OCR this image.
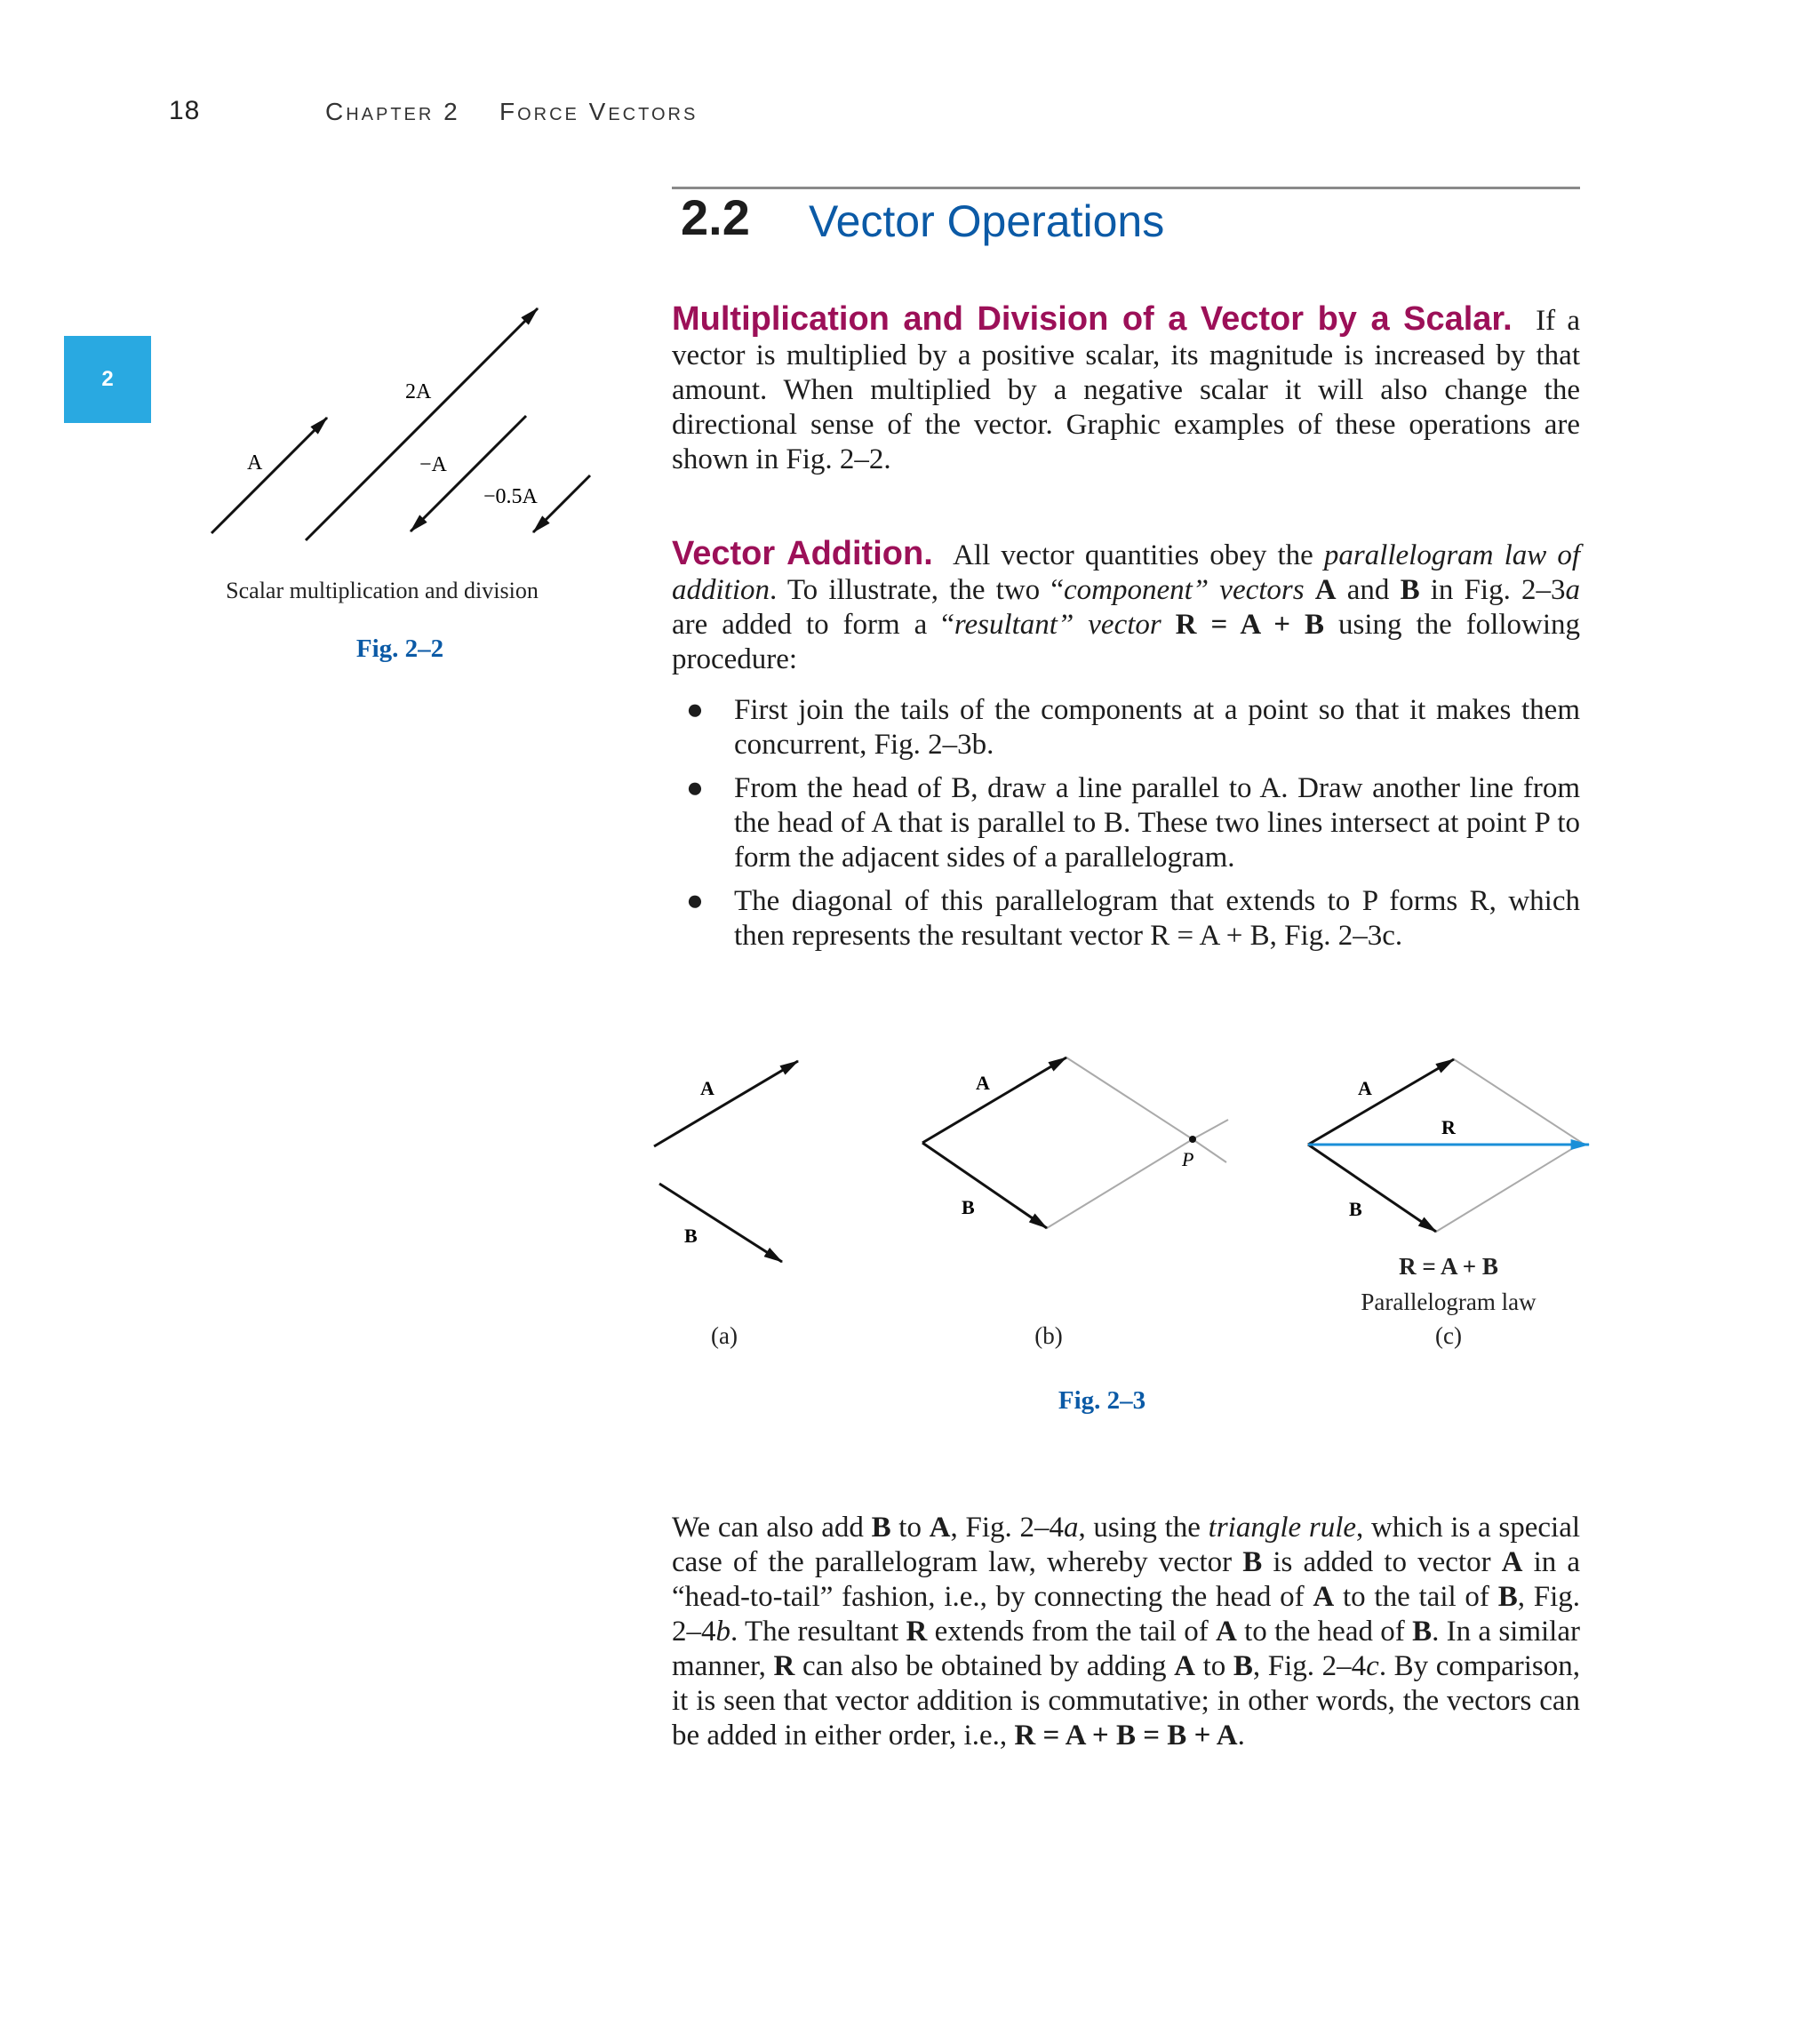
18	Chapter 2 Force Vectors
2
2.2 Vector Operations
Multiplication and Division of a Vector by a Scalar. If a vector is multiplied by a positive scalar, its magnitude is increased by that amount. When multiplied by a negative scalar it will also change the directional sense of the vector. Graphic examples of these operations are shown in Fig. 2–2.
A
2A
−A
−0.5A
Scalar multiplication and division
Fig. 2–2
Vector Addition. All vector quantities obey the parallelogram law of addition. To illustrate, the two “component” vectors A and B in Fig. 2–3a are added to form a “resultant” vector R = A + B using the following procedure:
● First join the tails of the components at a point so that it makes them concurrent, Fig. 2–3b.
● From the head of B, draw a line parallel to A. Draw another line from the head of A that is parallel to B. These two lines intersect at point P to form the adjacent sides of a parallelogram.
● The diagonal of this parallelogram that extends to P forms R, which then represents the resultant vector R = A + B, Fig. 2–3c.
A
B
A
B
P
A
B
R
R = A + B
Parallelogram law
(a)	(b)	(c)
Fig. 2–3
We can also add B to A, Fig. 2–4a, using the triangle rule, which is a special case of the parallelogram law, whereby vector B is added to vector A in a “head-to-tail” fashion, i.e., by connecting the head of A to the tail of B, Fig. 2–4b. The resultant R extends from the tail of A to the head of B. In a similar manner, R can also be obtained by adding A to B, Fig. 2–4c. By comparison, it is seen that vector addition is commutative; in other words, the vectors can be added in either order, i.e., R = A + B = B + A.
